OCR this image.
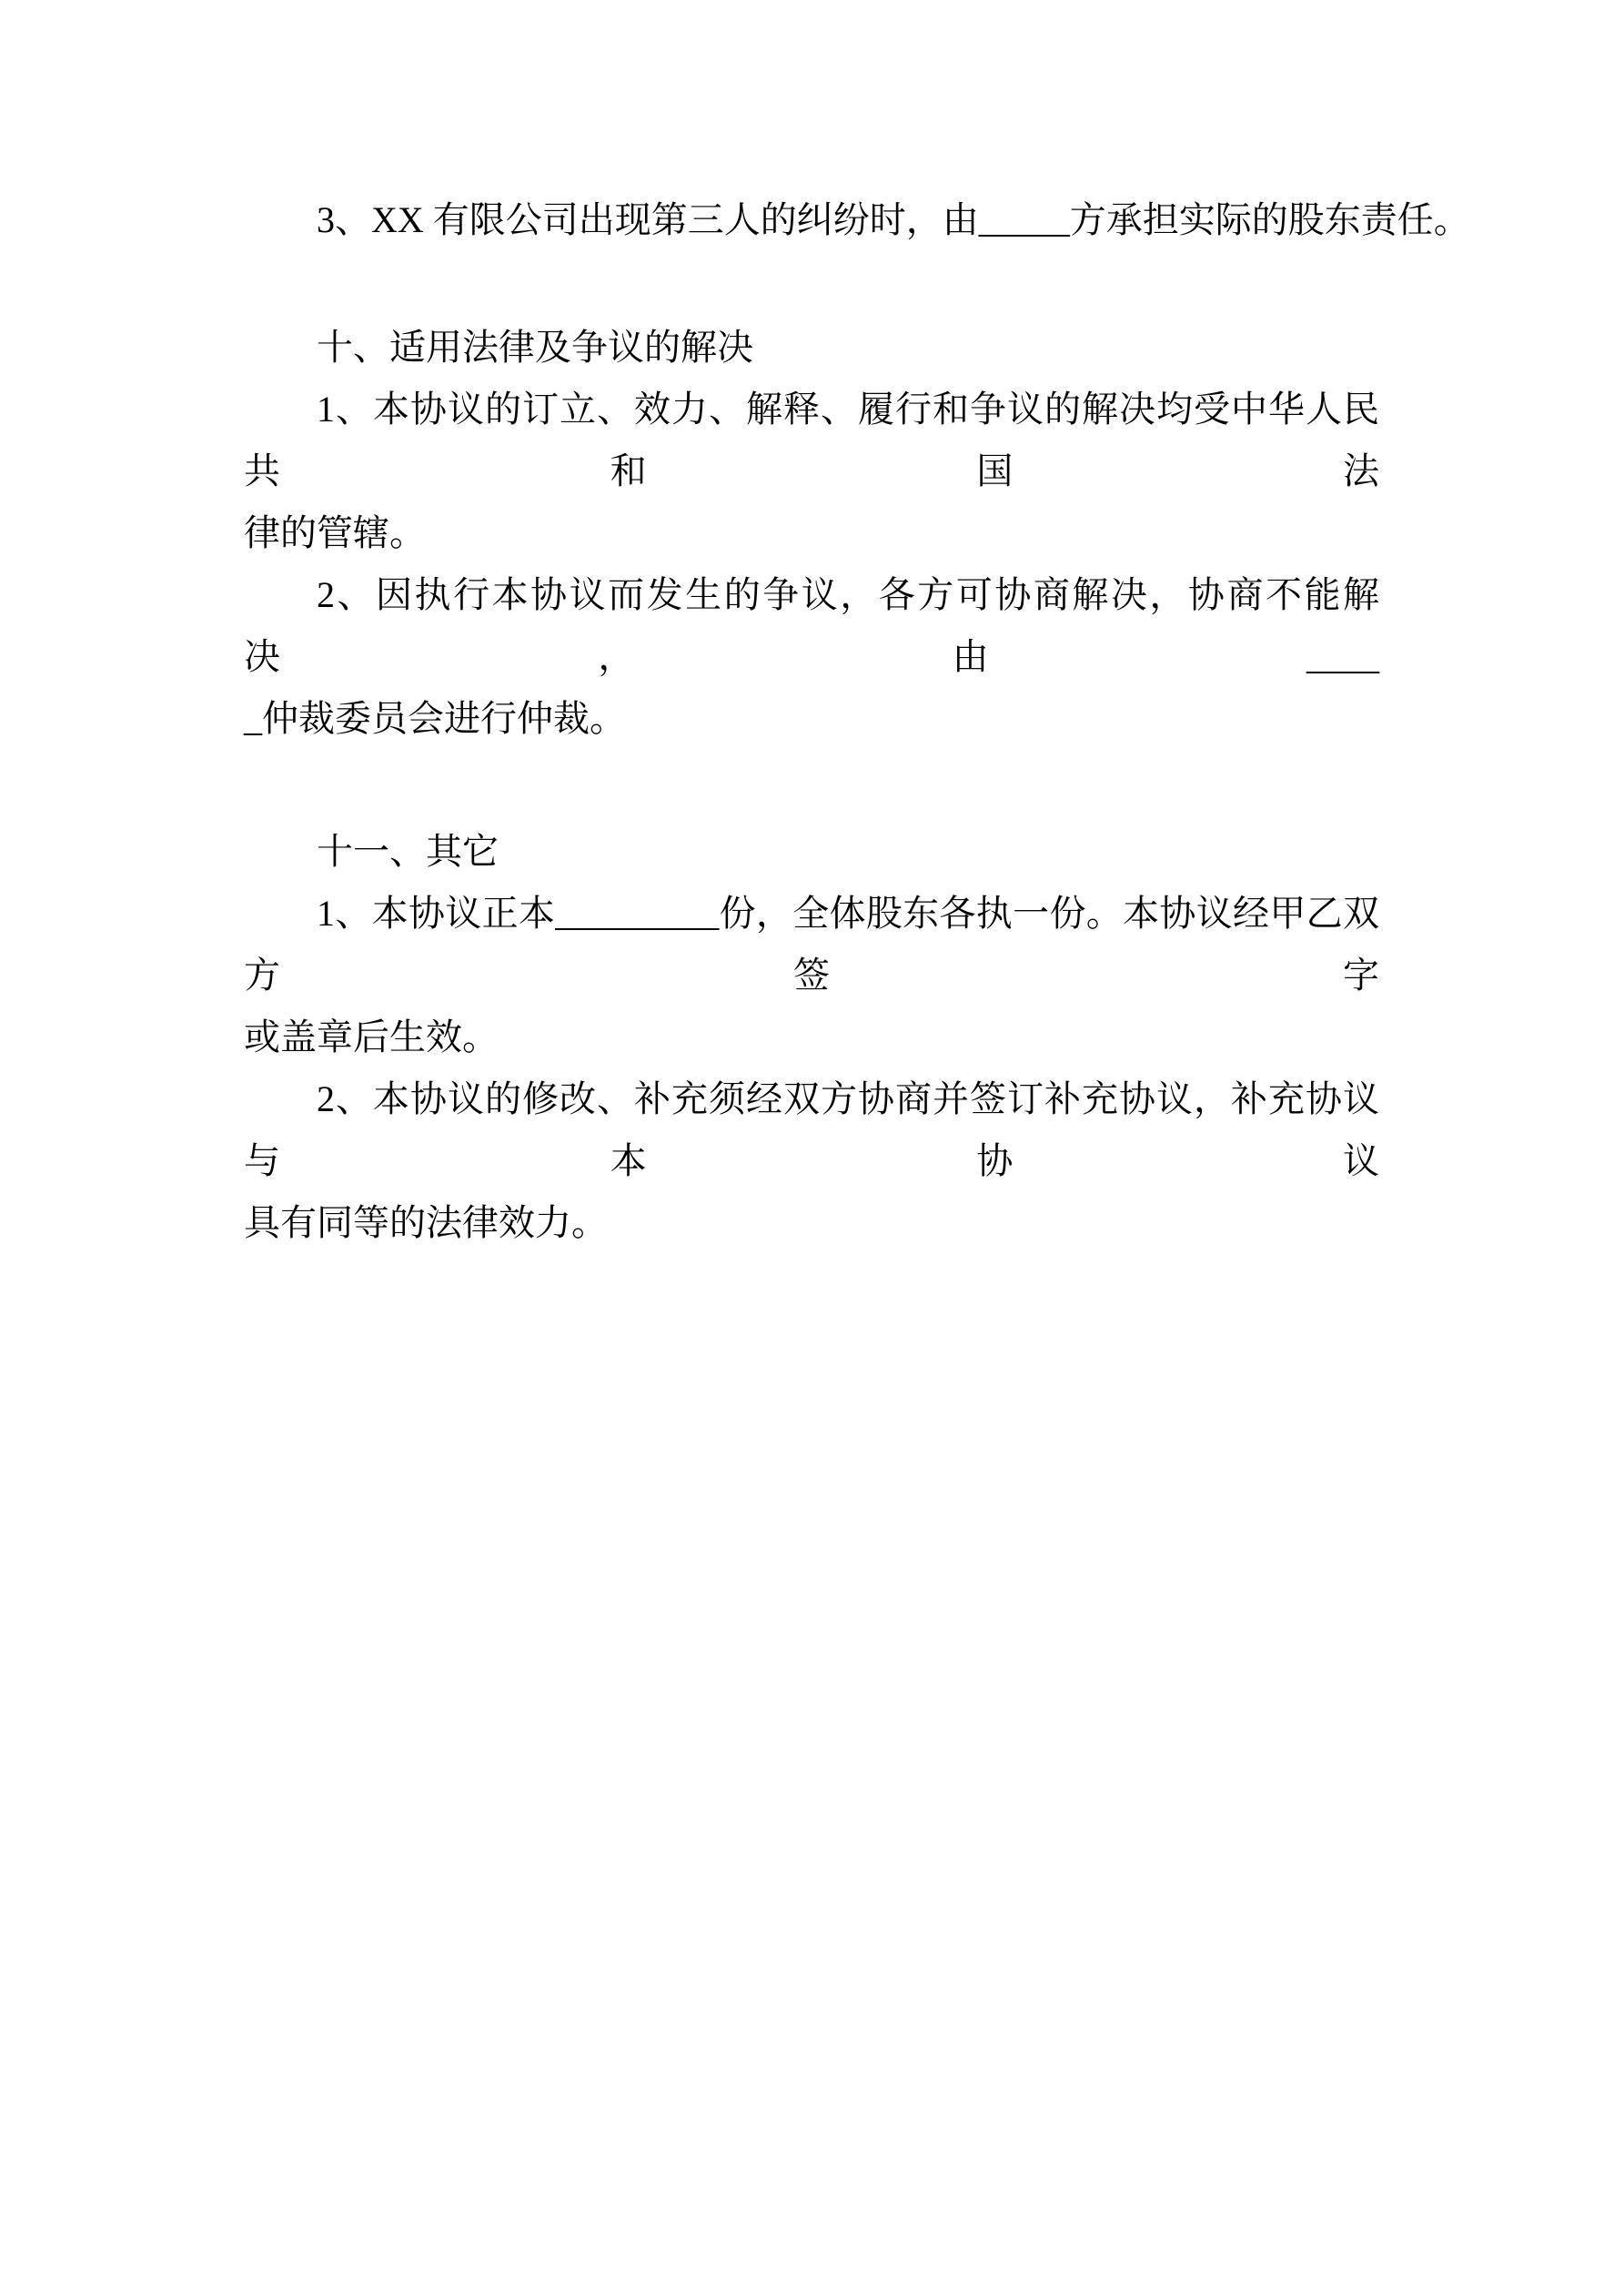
3、XX 有限公司出现第三人的纠纷时，由_____方承担实际的股东责任。

十、适用法律及争议的解决

1、本协议的订立、效力、解释、履行和争议的解决均受中华人民共和国法

律的管辖。

2、因执行本协议而发生的争议，各方可协商解决，协商不能解决，由____

_仲裁委员会进行仲裁。

十一、其它

1、本协议正本_________份，全体股东各执一份。本协议经甲乙双方签字

或盖章后生效。

2、本协议的修改、补充须经双方协商并签订补充协议，补充协议与本协议

具有同等的法律效力。
